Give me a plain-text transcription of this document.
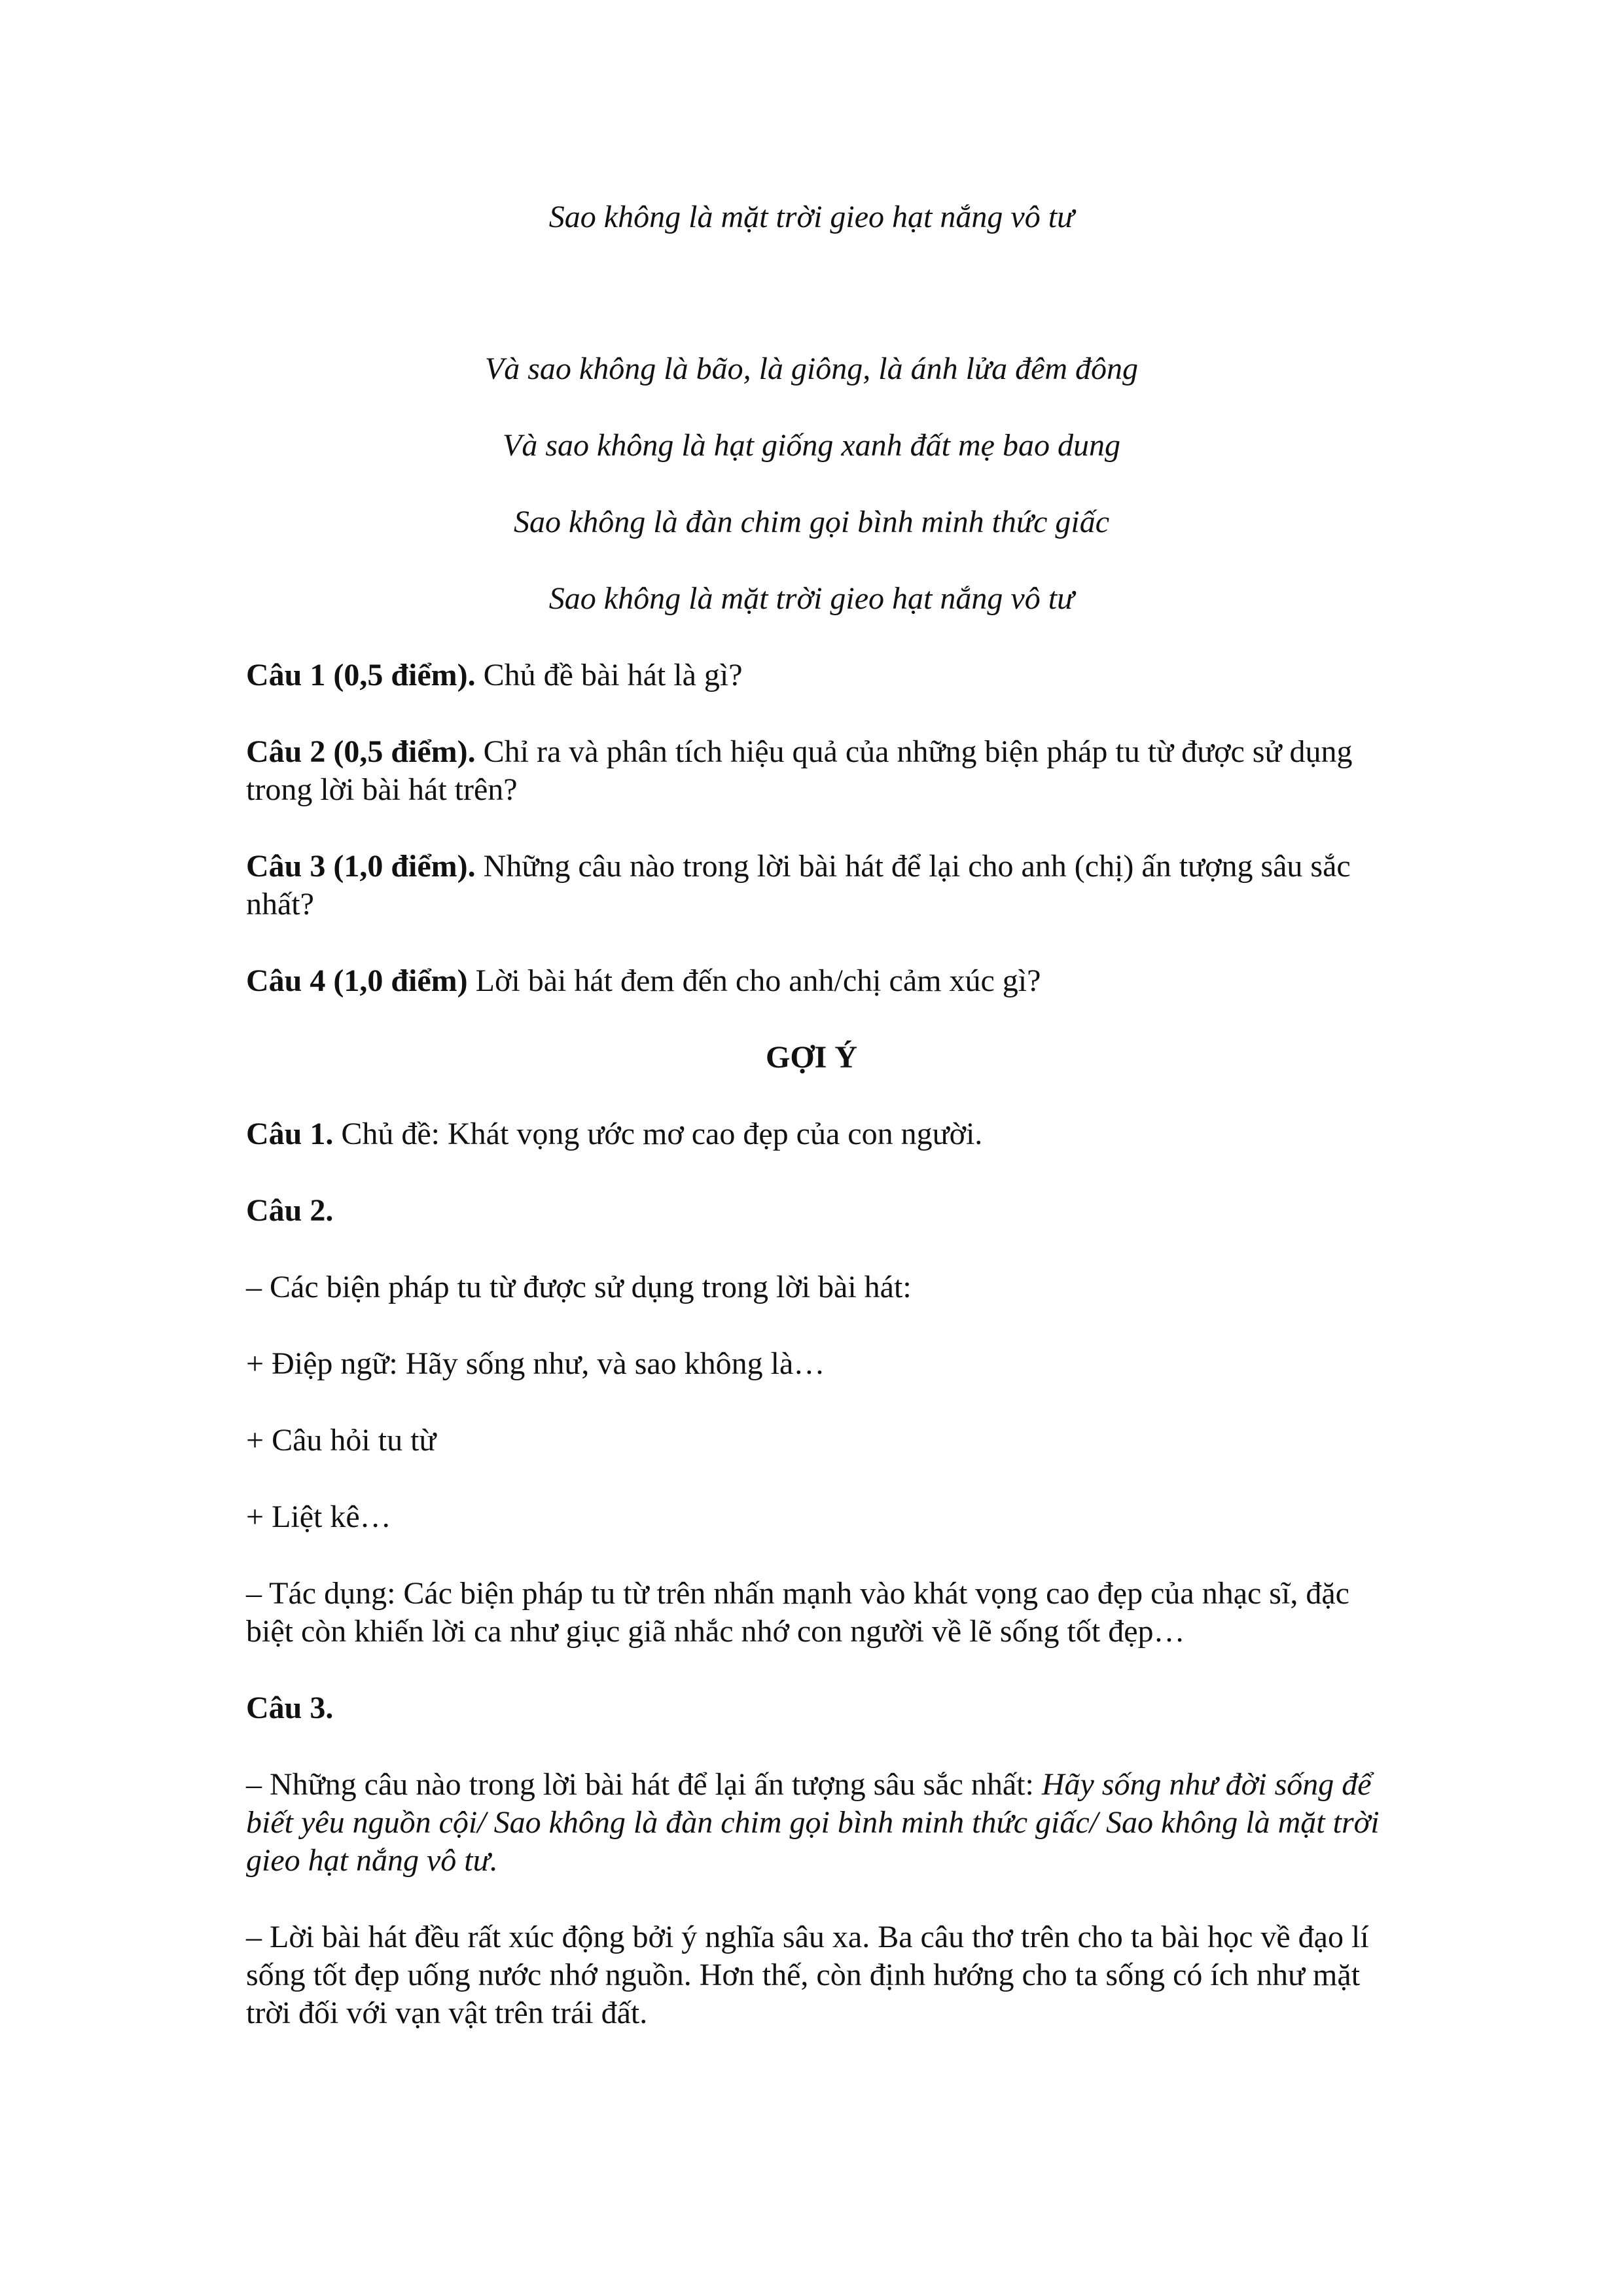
Sao không là mặt trời gieo hạt nắng vô tư

Và sao không là bão, là giông, là ánh lửa đêm đông

Và sao không là hạt giống xanh đất mẹ bao dung

Sao không là đàn chim gọi bình minh thức giấc

Sao không là mặt trời gieo hạt nắng vô tư

Câu 1 (0,5 điểm). Chủ đề bài hát là gì?

Câu 2 (0,5 điểm). Chỉ ra và phân tích hiệu quả của những biện pháp tu từ được sử dụng trong lời bài hát trên?

Câu 3 (1,0 điểm). Những câu nào trong lời bài hát để lại cho anh (chị) ấn tượng sâu sắc nhất?

Câu 4 (1,0 điểm) Lời bài hát đem đến cho anh/chị cảm xúc gì?

GỢI Ý

Câu 1. Chủ đề: Khát vọng ước mơ cao đẹp của con người.

Câu 2.

– Các biện pháp tu từ được sử dụng trong lời bài hát:

+ Điệp ngữ: Hãy sống như, và sao không là…

+ Câu hỏi tu từ

+ Liệt kê…

– Tác dụng: Các biện pháp tu từ trên nhấn mạnh vào khát vọng cao đẹp của nhạc sĩ, đặc biệt còn khiến lời ca như giục giã nhắc nhớ con người về lẽ sống tốt đẹp…

Câu 3.

– Những câu nào trong lời bài hát để lại ấn tượng sâu sắc nhất: Hãy sống như đời sống để biết yêu nguồn cội/ Sao không là đàn chim gọi bình minh thức giấc/ Sao không là mặt trời gieo hạt nắng vô tư.

– Lời bài hát đều rất xúc động bởi ý nghĩa sâu xa. Ba câu thơ trên cho ta bài học về đạo lí sống tốt đẹp uống nước nhớ nguồn. Hơn thế, còn định hướng cho ta sống có ích như mặt trời đối với vạn vật trên trái đất.
